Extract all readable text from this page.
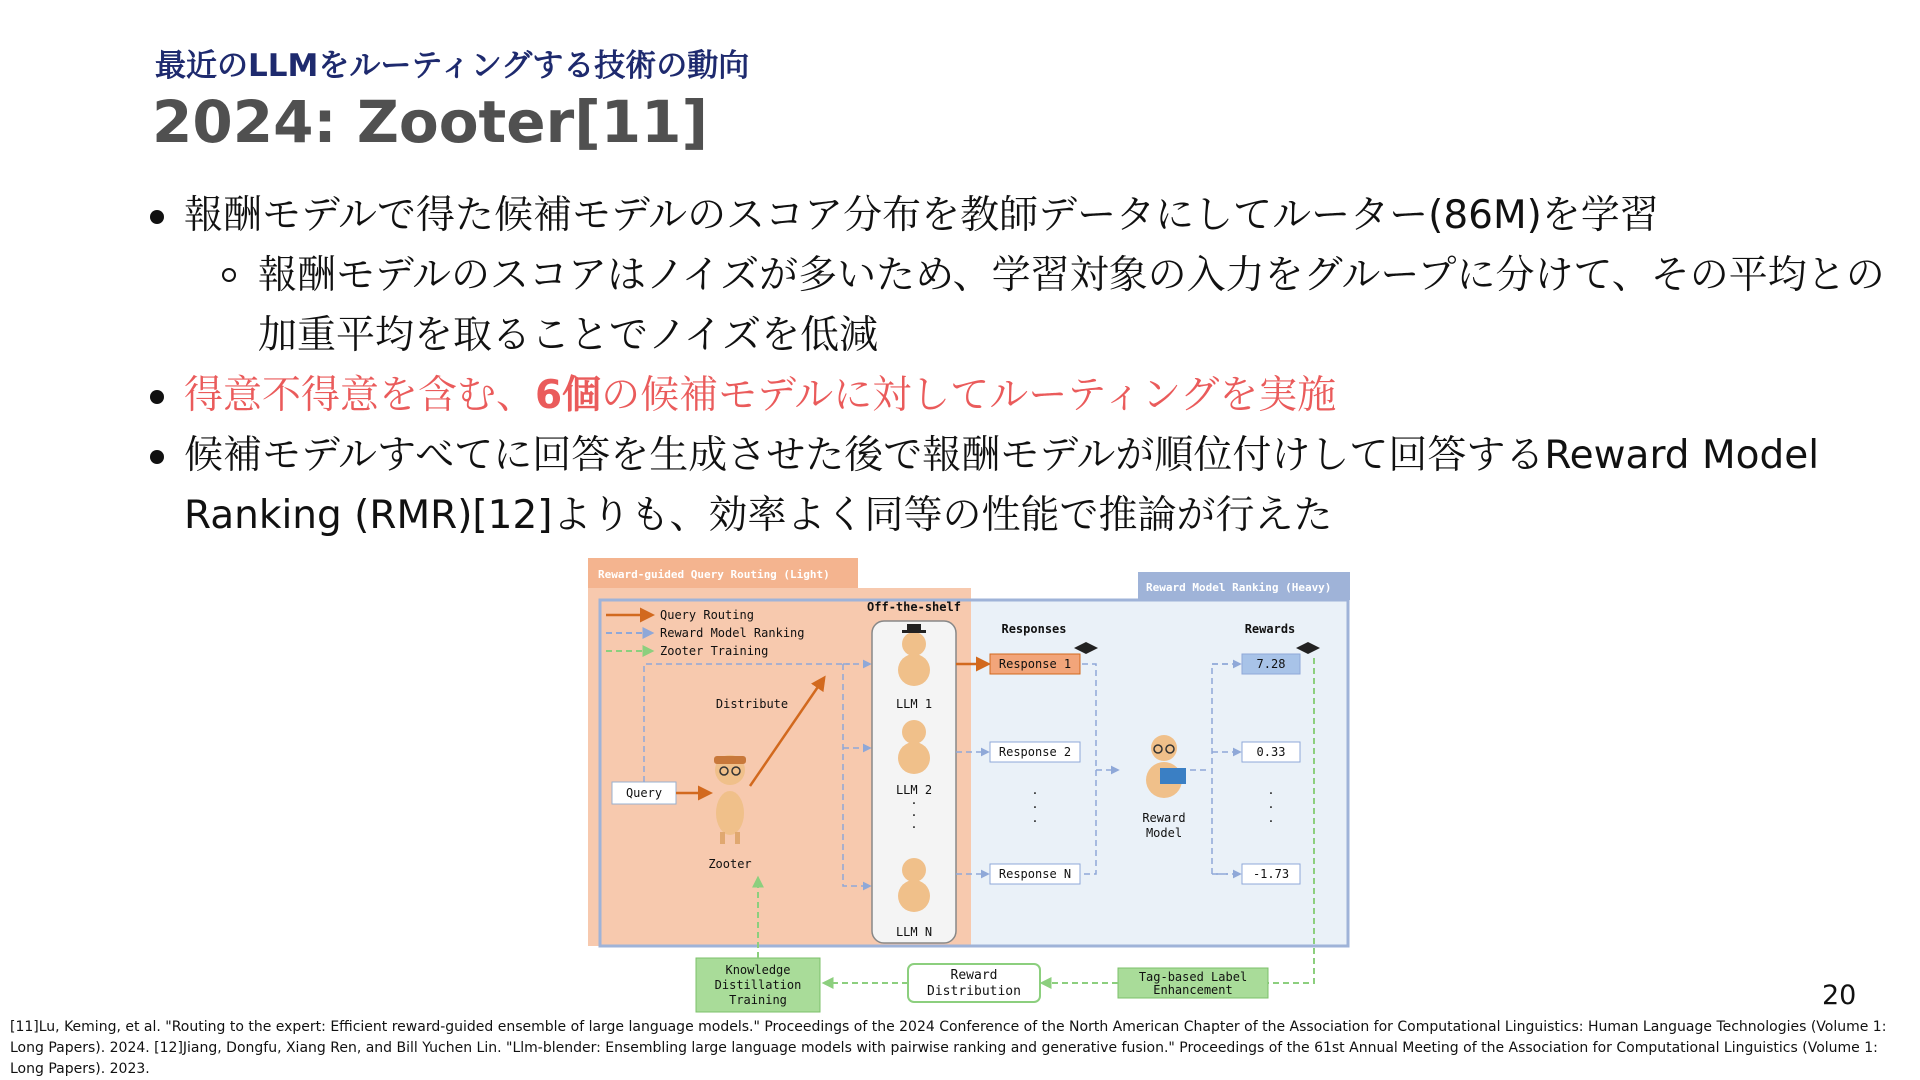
最近のLLMをルーティングする技術の動向
2024: Zooter[11]
報酬モデルで得た候補モデルのスコア分布を教師データにしてルーター(86M)を学習
報酬モデルのスコアはノイズが多いため、学習対象の入力をグループに分けて、その平均との加重平均を取ることでノイズを低減
得意不得意を含む、6個の候補モデルに対してルーティングを実施
候補モデルすべてに回答を生成させた後で報酬モデルが順位付けして回答するReward Model Ranking (RMR)[12]よりも、効率よく同等の性能で推論が行えた
Reward-guided Query Routing (Light)
Reward Model Ranking (Heavy)
Query Routing
Reward Model Ranking
Zooter Training
Query
Zooter
Distribute
Off-the-shelf
LLM 1
LLM 2
·
·
·
LLM N
Responses
Response 1
Response 2
·
·
·
Response N
Reward
Model
Rewards
7.28
0.33
·
·
·
-1.73
Tag-based Label
Enhancement
Reward
Distribution
Knowledge
Distillation
Training	20
[11]Lu, Keming, et al. "Routing to the expert: Efficient reward-guided ensemble of large language models." Proceedings of the 2024 Conference of the North American Chapter of the Association for Computational Linguistics: Human Language Technologies (Volume 1: Long Papers). 2024. [12]Jiang, Dongfu, Xiang Ren, and Bill Yuchen Lin. "Llm-blender: Ensembling large language models with pairwise ranking and generative fusion." Proceedings of the 61st Annual Meeting of the Association for Computational Linguistics (Volume 1: Long Papers). 2023.
